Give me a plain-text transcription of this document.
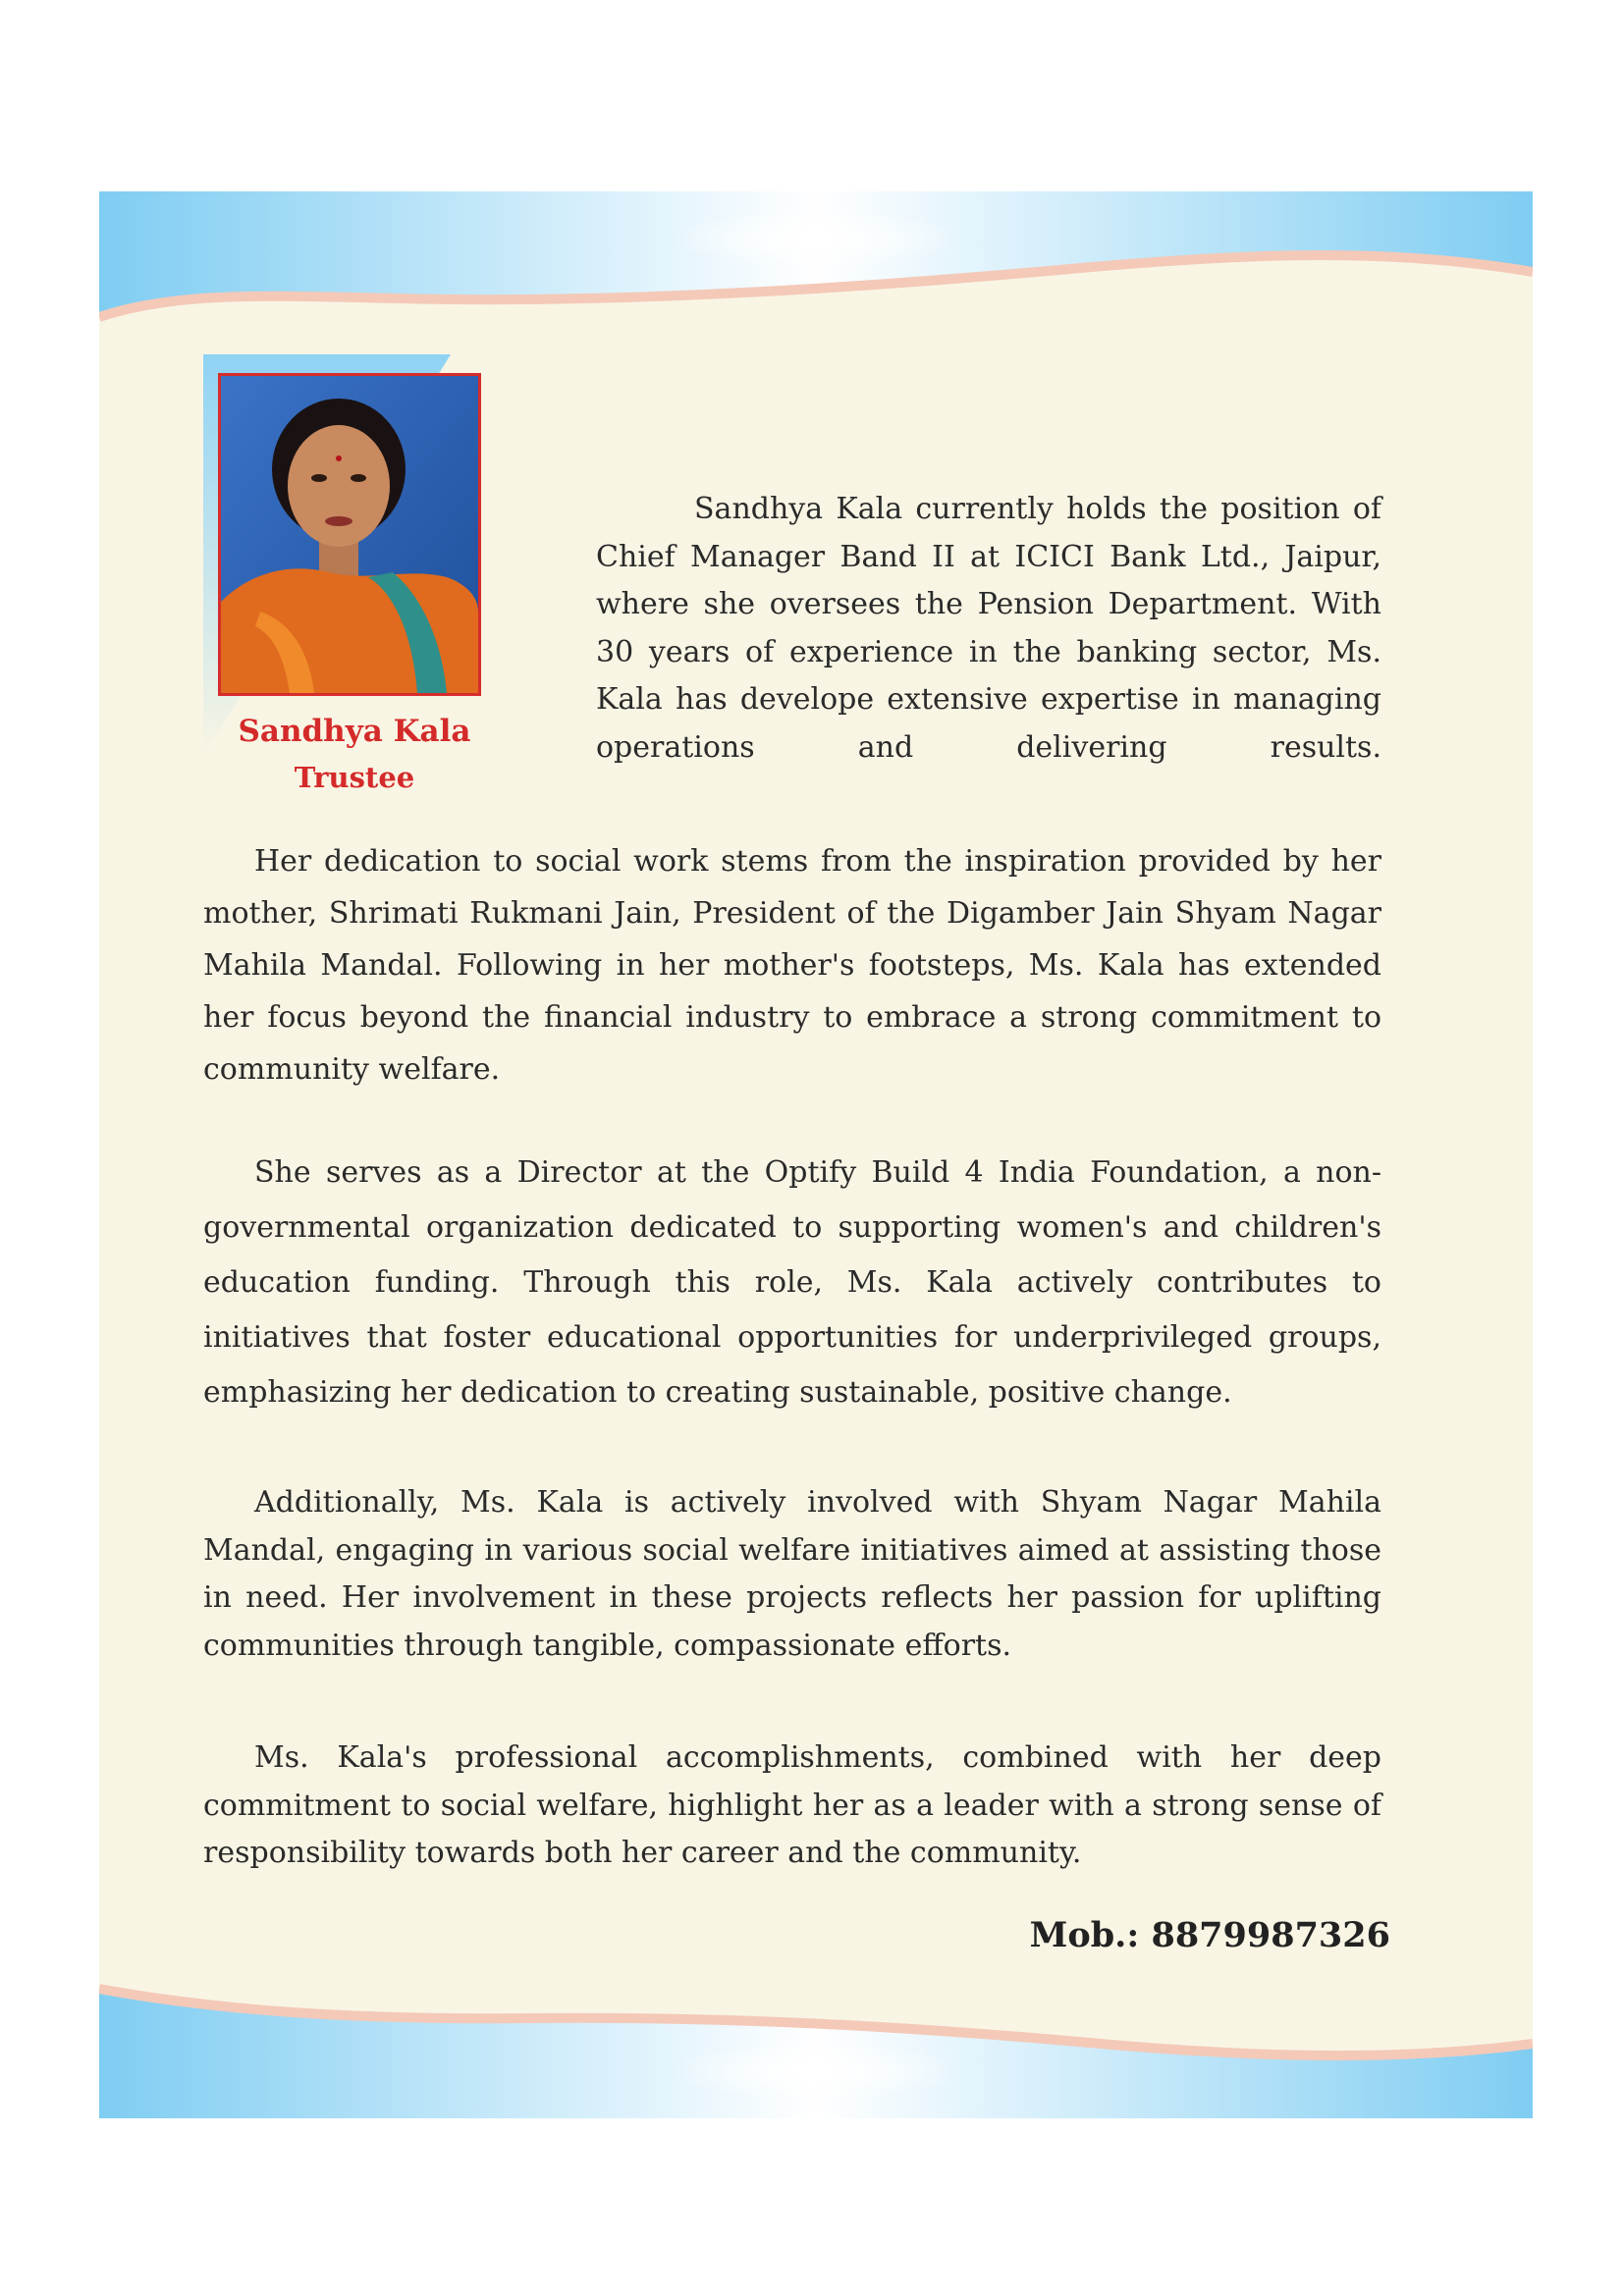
Sandhya Kala
Trustee

Sandhya Kala currently holds the position of Chief Manager Band II at ICICI Bank Ltd., Jaipur, where she oversees the Pension Department. With 30 years of experience in the banking sector, Ms. Kala has develope extensive expertise in managing operations and delivering results.

Her dedication to social work stems from the inspiration provided by her mother, Shrimati Rukmani Jain, President of the Digamber Jain Shyam Nagar Mahila Mandal. Following in her mother's footsteps, Ms. Kala has extended her focus beyond the financial industry to embrace a strong commitment to community welfare.

She serves as a Director at the Optify Build 4 India Foundation, a non-governmental organization dedicated to supporting women's and children's education funding. Through this role, Ms. Kala actively contributes to initiatives that foster educational opportunities for underprivileged groups, emphasizing her dedication to creating sustainable, positive change.

Additionally, Ms. Kala is actively involved with Shyam Nagar Mahila Mandal, engaging in various social welfare initiatives aimed at assisting those in need. Her involvement in these projects reflects her passion for uplifting communities through tangible, compassionate efforts.

Ms. Kala's professional accomplishments, combined with her deep commitment to social welfare, highlight her as a leader with a strong sense of responsibility towards both her career and the community.

Mob.: 8879987326
